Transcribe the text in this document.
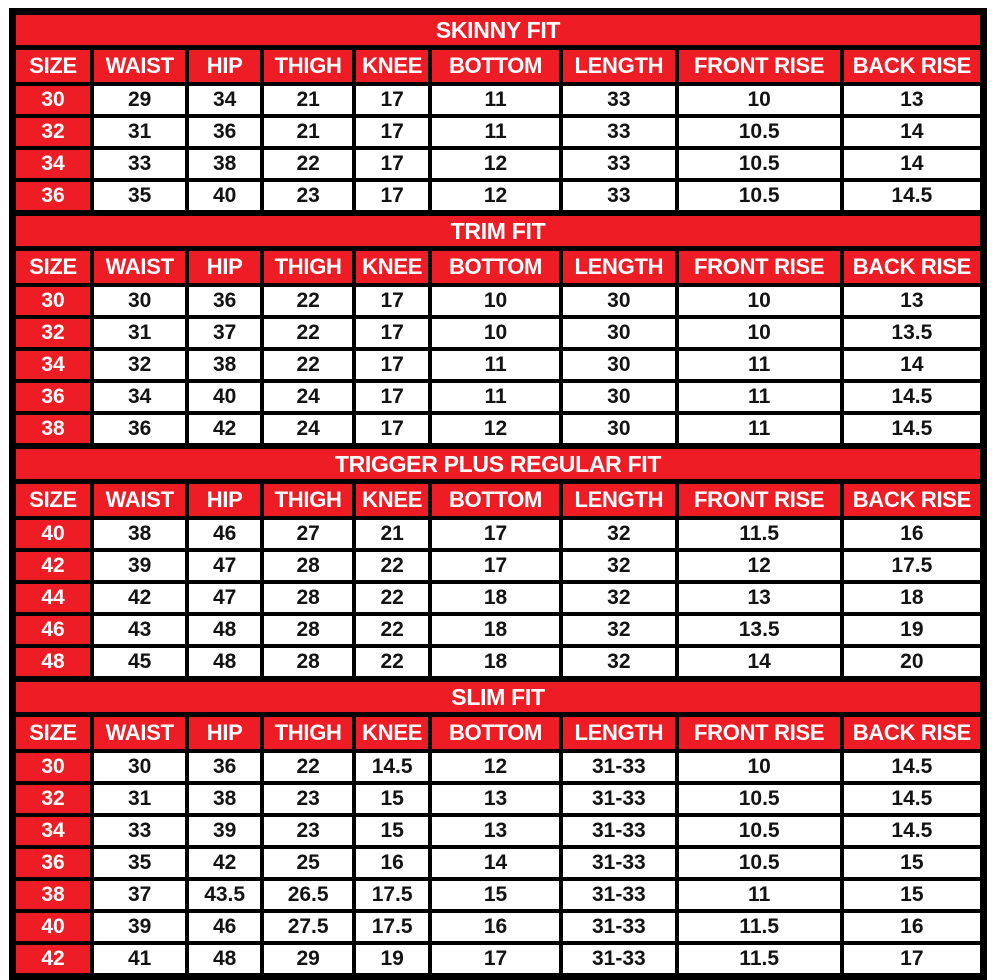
SKINNY FIT								
SIZE	WAIST	HIP	THIGH	KNEE	BOTTOM	LENGTH	FRONT RISE	BACK RISE
30	29	34	21	17	11	33	10	13
32	31	36	21	17	11	33	10.5	14
34	33	38	22	17	12	33	10.5	14
36	35	40	23	17	12	33	10.5	14.5
TRIM FIT								
SIZE	WAIST	HIP	THIGH	KNEE	BOTTOM	LENGTH	FRONT RISE	BACK RISE
30	30	36	22	17	10	30	10	13
32	31	37	22	17	10	30	10	13.5
34	32	38	22	17	11	30	11	14
36	34	40	24	17	11	30	11	14.5
38	36	42	24	17	12	30	11	14.5
TRIGGER PLUS REGULAR FIT								
SIZE	WAIST	HIP	THIGH	KNEE	BOTTOM	LENGTH	FRONT RISE	BACK RISE
40	38	46	27	21	17	32	11.5	16
42	39	47	28	22	17	32	12	17.5
44	42	47	28	22	18	32	13	18
46	43	48	28	22	18	32	13.5	19
48	45	48	28	22	18	32	14	20
SLIM FIT								
SIZE	WAIST	HIP	THIGH	KNEE	BOTTOM	LENGTH	FRONT RISE	BACK RISE
30	30	36	22	14.5	12	31-33	10	14.5
32	31	38	23	15	13	31-33	10.5	14.5
34	33	39	23	15	13	31-33	10.5	14.5
36	35	42	25	16	14	31-33	10.5	15
38	37	43.5	26.5	17.5	15	31-33	11	15
40	39	46	27.5	17.5	16	31-33	11.5	16
42	41	48	29	19	17	31-33	11.5	17
